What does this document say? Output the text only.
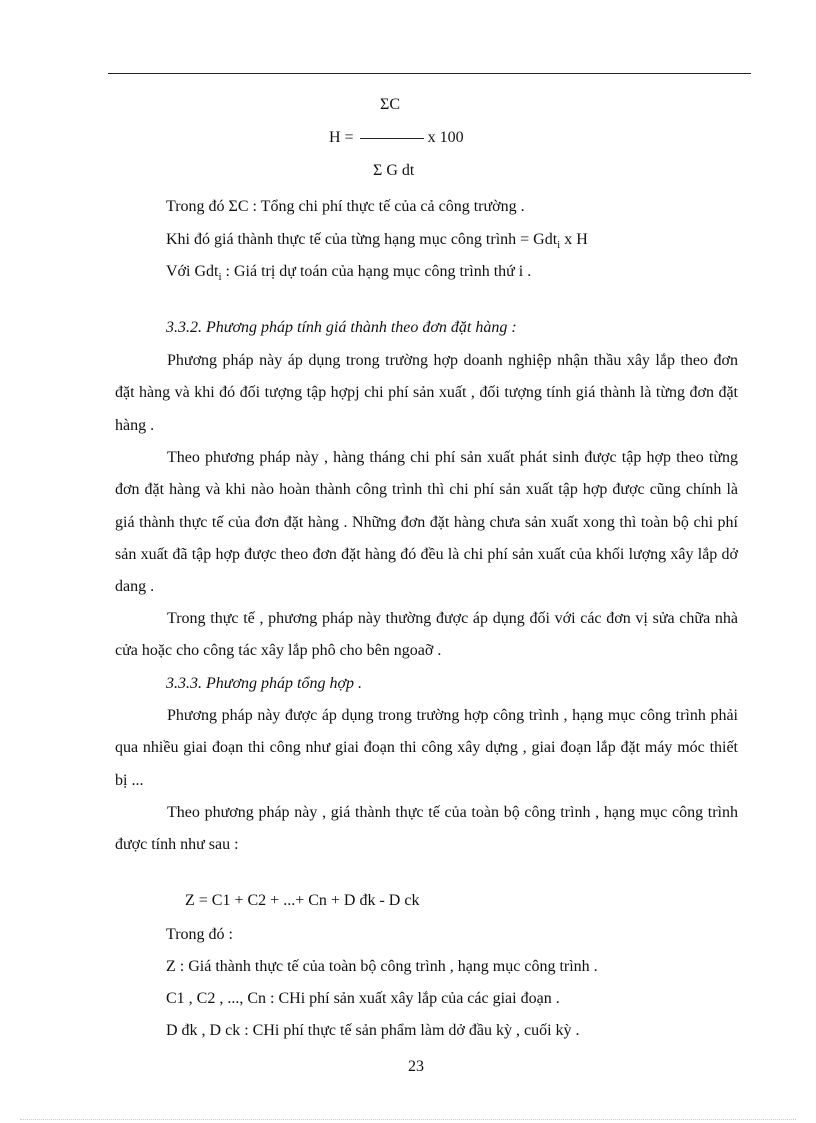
ΣC
H =	x 100
Σ G dt
Trong đó ΣC : Tổng chi phí thực tế của cả công trường .
Khi đó giá thành thực tế của từng hạng mục công trình = Gdt$_i$ x H
Với Gdt$_i$ : Giá trị dự toán của hạng mục công trình thứ i .
3.3.2. Phương pháp tính giá thành theo đơn đặt hàng :
Phương pháp này áp dụng trong trường hợp doanh nghiệp nhận thầu xây lắp theo đơn đặt hàng và khi đó đối tượng tập hợpj chi phí sản xuất , đối tượng tính giá thành là từng đơn đặt hàng .
Theo phương pháp này , hàng tháng chi phí sản xuất phát sinh được tập hợp theo từng đơn đặt hàng và khi nào hoàn thành công trình thì chi phí sản xuất tập hợp được cũng chính là giá thành thực tế của đơn đặt hàng . Những đơn đặt hàng chưa sản xuất xong thì toàn bộ chi phí sản xuất đã tập hợp được theo đơn đặt hàng đó đều là chi phí sản xuất của khối lượng xây lắp dở dang .
Trong thực tế , phương pháp này thường được áp dụng đối với các đơn vị sửa chữa nhà cửa hoặc cho công tác xây lắp phô cho bên ngoaỡ .
3.3.3. Phương pháp tổng hợp .
Phương pháp này được áp dụng trong trường hợp công trình , hạng mục công trình phải qua nhiều giai đoạn thi công như giai đoạn thi công xây dựng , giai đoạn lắp đặt máy móc thiết bị ...
Theo phương pháp này , giá thành thực tế của toàn bộ công trình , hạng mục công trình được tính như sau :
Z = C1 + C2 + ...+ Cn + D đk - D ck
Trong đó :
Z : Giá thành thực tế của toàn bộ công trình , hạng mục công trình .
C1 , C2 , ..., Cn : CHi phí sản xuất xây lắp của các giai đoạn .
D đk , D ck : CHi phí thực tế sản phẩm làm dở đầu kỳ , cuối kỳ .
23
